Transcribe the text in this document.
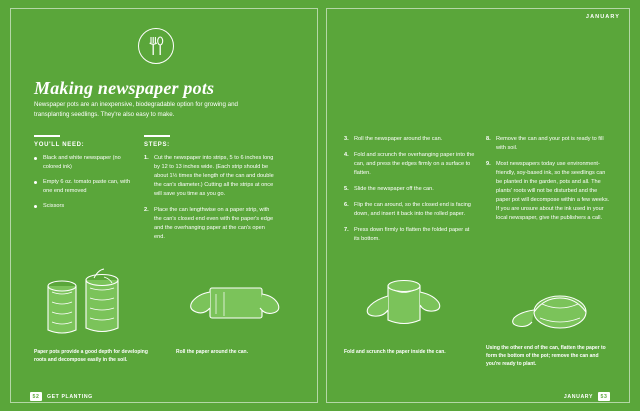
JANUARY
Making newspaper pots
Newspaper pots are an inexpensive, biodegradable option for growing and transplanting seedlings. They're also easy to make.
YOU'LL NEED:
Black and white newspaper (no colored ink)
Empty 6 oz. tomato paste can, with one end removed
Scissors
STEPS:
1. Cut the newspaper into strips, 5 to 6 inches long by 12 to 13 inches wide. (Each strip should be about 1½ times the length of the can and double the can's diameter.) Cutting all the strips at once will save you time as you go.
2. Place the can lengthwise on a paper strip, with the can's closed end even with the paper's edge and the overhanging paper at the can's open end.
3. Roll the newspaper around the can.
4. Fold and scrunch the overhanging paper into the can, and press the edges firmly on a surface to flatten.
5. Slide the newspaper off the can.
6. Flip the can around, so the closed end is facing down, and insert it back into the rolled paper.
7. Press down firmly to flatten the folded paper at its bottom.
8. Remove the can and your pot is ready to fill with soil.
9. Most newspapers today use environment-friendly, soy-based ink, so the seedlings can be planted in the garden, pots and all. The plants' roots will not be disturbed and the paper pot will decompose within a few weeks. If you are unsure about the ink used in your local newspaper, give the publishers a call.
Paper pots provide a good depth for developing roots and decompose easily in the soil.
Roll the paper around the can.	Fold and scrunch the paper inside the can.
Using the other end of the can, flatten the paper to form the bottom of the pot; remove the can and you're ready to plant.
52	GET PLANTING	JANUARY	53
